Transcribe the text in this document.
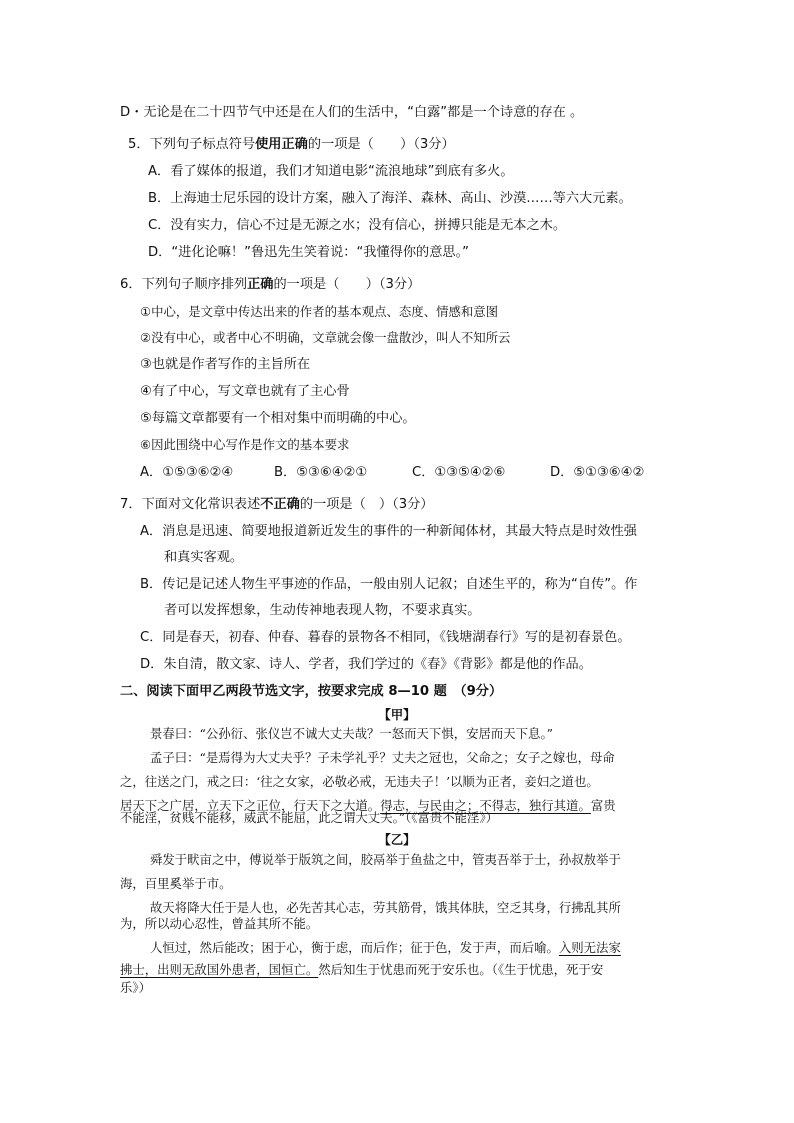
D・无论是在二十四节气中还是在人们的生活中，“白露”都是一个诗意的存在 。
5．下列句子标点符号使用正确的一项是（　　）（3分）
A．看了媒体的报道，我们才知道电影“流浪地球”到底有多火。
B．上海迪士尼乐园的设计方案，融入了海洋、森林、高山、沙漠……等六大元素。
C．没有实力，信心不过是无源之水；没有信心，拼搏只能是无本之木。
D．“进化论嘛！”鲁迅先生笑着说：“我懂得你的意思。”
6．下列句子顺序排列正确的一项是（　　）（3分）
①中心，是文章中传达出来的作者的基本观点、态度、情感和意图
②没有中心，或者中心不明确，文章就会像一盘散沙，叫人不知所云
③也就是作者写作的主旨所在
④有了中心，写文章也就有了主心骨
⑤每篇文章都要有一个相对集中而明确的中心。
⑥因此围绕中心写作是作文的基本要求
A．①⑤③⑥②④	B．⑤③⑥④②①	C．①③⑤④②⑥	D．⑤①③⑥④②
7．下面对文化常识表述不正确的一项是（　）（3分）
A．消息是迅速、简要地报道新近发生的事件的一种新闻体材，其最大特点是时效性强
和真实客观。
B．传记是记述人物生平事迹的作品，一般由别人记叙；自述生平的，称为“自传”。作
者可以发挥想象，生动传神地表现人物，不要求真实。
C．同是春天，初春、仲春、暮春的景物各不相同，《钱塘湖春行》写的是初春景色。
D．朱自清，散文家、诗人、学者，我们学过的《春》《背影》都是他的作品。
二、阅读下面甲乙两段节选文字，按要求完成 8—10 题　（9分）
【甲】
景春曰：“公孙衍、张仪岂不诚大丈夫哉？一怒而天下惧，安居而天下息。”
孟子曰：“是焉得为大丈夫乎？子未学礼乎？丈夫之冠也，父命之；女子之嫁也，母命
之，往送之门，戒之曰：‘往之女家，必敬必戒，无违夫子！’以顺为正者，妾妇之道也。
居天下之广居，立天下之正位，行天下之大道。得志，与民由之；不得志，独行其道。富贵
不能淫，贫贱不能移，威武不能屈，此之谓大丈夫。”（《富贵不能淫》）
【乙】
舜发于畎亩之中，傅说举于版筑之间，胶鬲举于鱼盐之中，管夷吾举于士，孙叔敖举于
海，百里奚举于市。
故天将降大任于是人也，必先苦其心志，劳其筋骨，饿其体肤，空乏其身，行拂乱其所
为，所以动心忍性，曾益其所不能。
人恒过，然后能改；困于心，衡于虑，而后作；征于色，发于声，而后喻。入则无法家
拂士，出则无敌国外患者，国恒亡。然后知生于忧患而死于安乐也。（《生于忧患，死于安
乐》）
